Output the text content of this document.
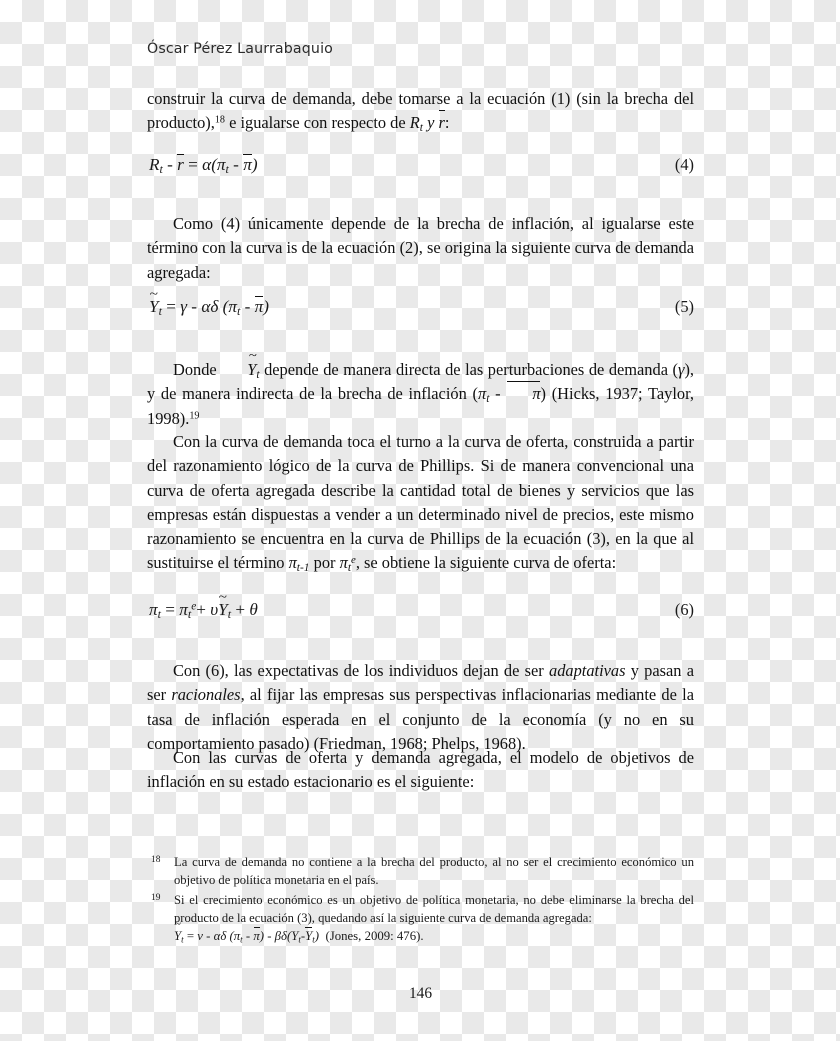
Óscar Pérez Laurrabaquio
construir la curva de demanda, debe tomarse a la ecuación (1) (sin la brecha del producto),$^{18}$ e igualarse con respecto de Rt y r:
Rt - r = α(πt - π)	(4)
Como (4) únicamente depende de la brecha de inflación, al igualarse este término con la curva is de la ecuación (2), se origina la siguiente curva de demanda agregada:
~ Yt = γ - αδ (πt - π)	(5)
Donde ~ Yt depende de manera directa de las perturbaciones de demanda (γ), y de manera indirecta de la brecha de inflación (πt - π) (Hicks, 1937; Taylor, 1998).$^{19}$
Con la curva de demanda toca el turno a la curva de oferta, construida a partir del razonamiento lógico de la curva de Phillips. Si de manera convencional una curva de oferta agregada describe la cantidad total de bienes y servicios que las empresas están dispuestas a vender a un determinado nivel de precios, este mismo razonamiento se encuentra en la curva de Phillips de la ecuación (3), en la que al sustituirse el término πt-1 por $\pi t^e$, se obtiene la siguiente curva de oferta:
$\pi t = \pi t^e+$ υ~ Yt + θ	(6)
Con (6), las expectativas de los individuos dejan de ser adaptativas y pasan a ser racionales, al fijar las empresas sus perspectivas inflacionarias mediante de la tasa de inflación esperada en el conjunto de la economía (y no en su comportamiento pasado) (Friedman, 1968; Phelps, 1968).
Con las curvas de oferta y demanda agregada, el modelo de objetivos de inflación en su estado estacionario es el siguiente:
18 La curva de demanda no contiene a la brecha del producto, al no ser el crecimiento económico un objetivo de política monetaria en el país.
19 Si el crecimiento económico es un objetivo de política monetaria, no debe eliminarse la brecha del producto de la ecuación (3), quedando así la siguiente curva de demanda agregada:
~ Yt = ν - αδ (πt - π) - βδ(Yt-Yt)  (Jones, 2009: 476).
146
